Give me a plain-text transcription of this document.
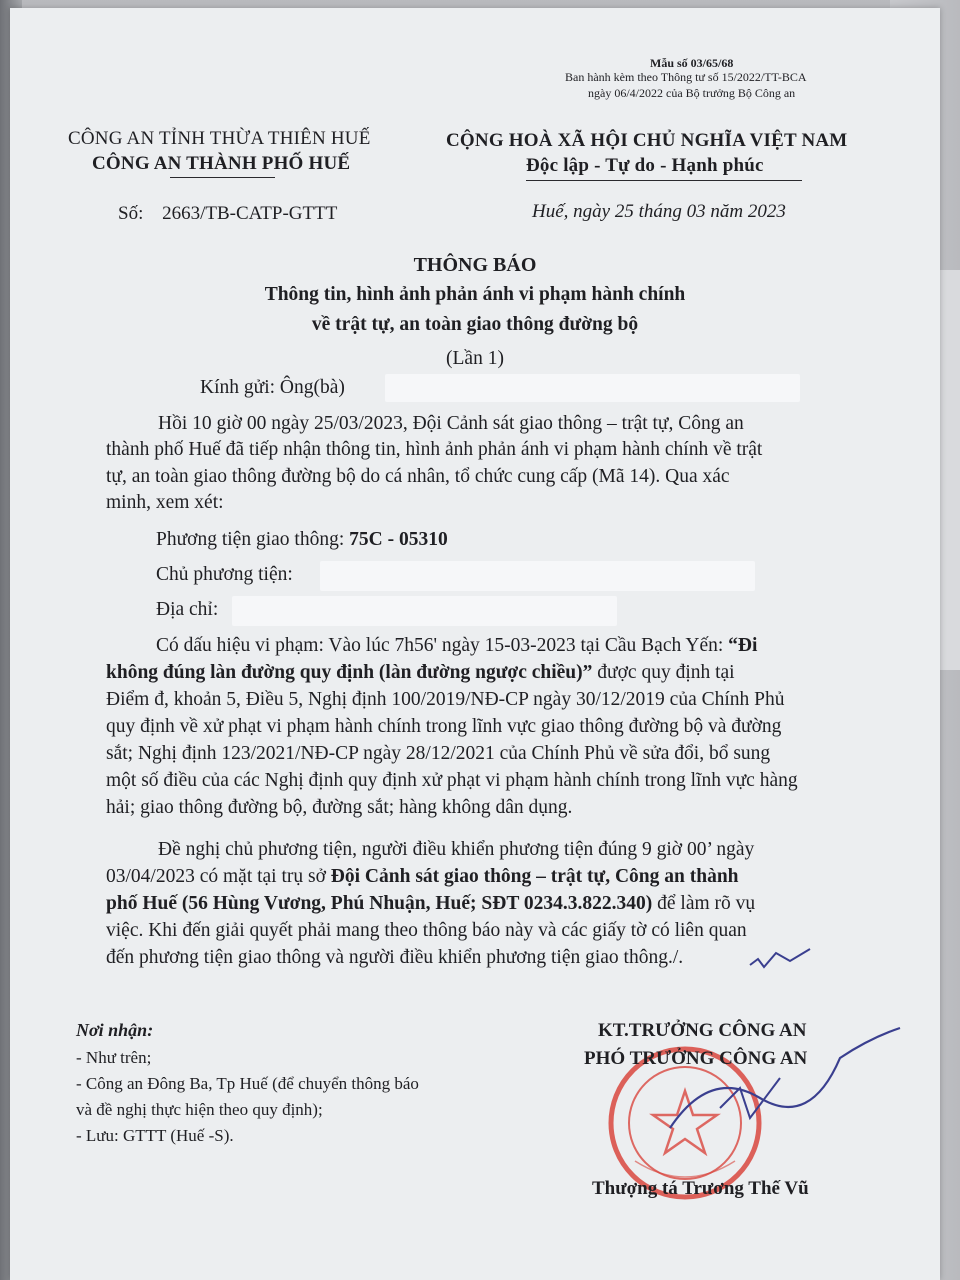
Mẫu số 03/65/68
Ban hành kèm theo Thông tư số 15/2022/TT-BCA
ngày 06/4/2022 của Bộ trưởng Bộ Công an
CÔNG AN TỈNH THỪA THIÊN HUẾ
CÔNG AN THÀNH PHỐ HUẾ
Số: 2663/TB-CATP-GTTT
CỘNG HOÀ XÃ HỘI CHỦ NGHĨA VIỆT NAM
Độc lập - Tự do - Hạnh phúc
Huế, ngày 25 tháng 03 năm 2023
THÔNG BÁO
Thông tin, hình ảnh phản ánh vi phạm hành chính
về trật tự, an toàn giao thông đường bộ
(Lần 1)
Kính gửi: Ông(bà)
Hồi 10 giờ 00 ngày 25/03/2023, Đội Cảnh sát giao thông – trật tự, Công an
thành phố Huế đã tiếp nhận thông tin, hình ảnh phản ánh vi phạm hành chính về trật
tự, an toàn giao thông đường bộ do cá nhân, tổ chức cung cấp (Mã 14). Qua xác
minh, xem xét:
Phương tiện giao thông: 75C - 05310
Chủ phương tiện:
Địa chỉ:
Có dấu hiệu vi phạm: Vào lúc 7h56' ngày 15-03-2023 tại Cầu Bạch Yến: “Đi
không đúng làn đường quy định (làn đường ngược chiều)” được quy định tại
Điểm đ, khoản 5, Điều 5, Nghị định 100/2019/NĐ-CP ngày 30/12/2019 của Chính Phủ
quy định về xử phạt vi phạm hành chính trong lĩnh vực giao thông đường bộ và đường
sắt; Nghị định 123/2021/NĐ-CP ngày 28/12/2021 của Chính Phủ về sửa đổi, bổ sung
một số điều của các Nghị định quy định xử phạt vi phạm hành chính trong lĩnh vực hàng
hải; giao thông đường bộ, đường sắt; hàng không dân dụng.
Đề nghị chủ phương tiện, người điều khiển phương tiện đúng 9 giờ 00’ ngày
03/04/2023 có mặt tại trụ sở Đội Cảnh sát giao thông – trật tự, Công an thành
phố Huế (56 Hùng Vương, Phú Nhuận, Huế; SĐT 0234.3.822.340) để làm rõ vụ
việc. Khi đến giải quyết phải mang theo thông báo này và các giấy tờ có liên quan
đến phương tiện giao thông và người điều khiển phương tiện giao thông./.
Nơi nhận:
- Như trên;
- Công an Đông Ba, Tp Huế (để chuyển thông báo
và đề nghị thực hiện theo quy định);
- Lưu: GTTT (Huế -S).
KT.TRƯỞNG CÔNG AN
PHÓ TRƯỞNG CÔNG AN
Thượng tá Trương Thế Vũ
